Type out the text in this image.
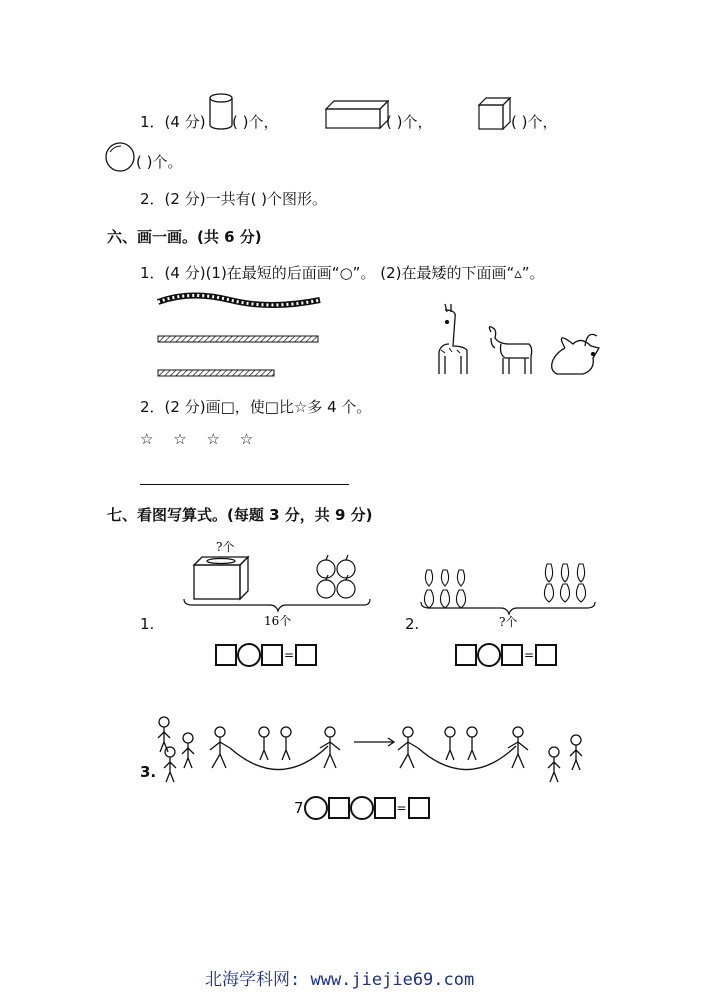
1．(4 分) ( )个，	( )个，	( )个，
( )个。
2．(2 分)一共有( )个图形。
六、画一画。(共 6 分)
1．(4 分)(1)在最短的后面画“○”。 (2)在最矮的下面画“▵”。
2．(2 分)画□，使□比☆多 4 个。
☆ ☆ ☆ ☆
七、看图写算式。(每题 3 分，共 9 分)
?个
16个
1.
=
?个
2.
=
3.
7	=
北海学科网: www.jiejie69.com
